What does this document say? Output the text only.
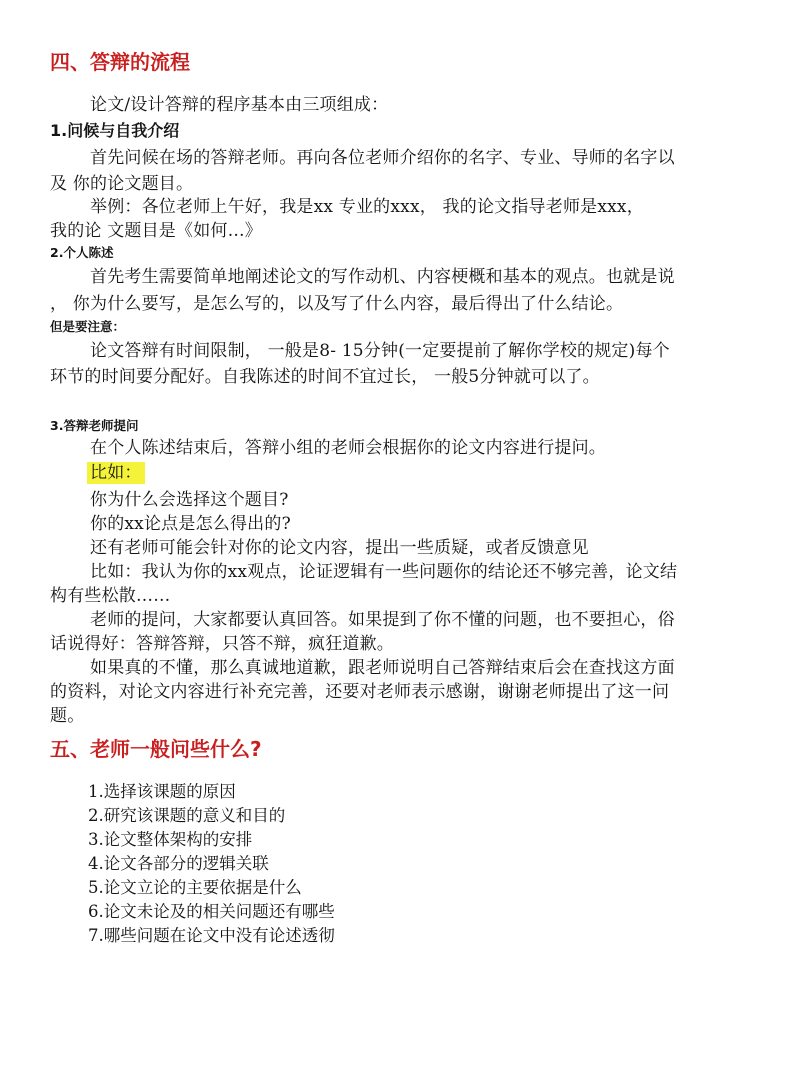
四、答辩的流程
论文/设计答辩的程序基本由三项组成：
1.问候与自我介绍
首先问候在场的答辩老师。再向各位老师介绍你的名字、专业、导师的名字以
及 你的论文题目。
举例：各位老师上午好，我是xx 专业的xxx， 我的论文指导老师是xxx，
我的论 文题目是《如何…》
2.个人陈述
首先考生需要简单地阐述论文的写作动机、内容梗概和基本的观点。也就是说
， 你为什么要写，是怎么写的，以及写了什么内容，最后得出了什么结论。
但是要注意：
论文答辩有时间限制， 一般是8- 15分钟(一定要提前了解你学校的规定)每个
环节的时间要分配好。自我陈述的时间不宜过长， 一般5分钟就可以了。
3.答辩老师提问
在个人陈述结束后，答辩小组的老师会根据你的论文内容进行提问。
比如：
你为什么会选择这个题目?
你的xx论点是怎么得出的?
还有老师可能会针对你的论文内容，提出一些质疑，或者反馈意见
比如：我认为你的xx观点，论证逻辑有一些问题你的结论还不够完善，论文结
构有些松散……
老师的提问，大家都要认真回答。如果提到了你不懂的问题，也不要担心，俗
话说得好：答辩答辩，只答不辩，疯狂道歉。
如果真的不懂，那么真诚地道歉，跟老师说明自己答辩结束后会在查找这方面
的资料，对论文内容进行补充完善，还要对老师表示感谢，谢谢老师提出了这一问
题。
五、老师一般问些什么?
1.选择该课题的原因
2.研究该课题的意义和目的
3.论文整体架构的安排
4.论文各部分的逻辑关联
5.论文立论的主要依据是什么
6.论文未论及的相关问题还有哪些
7.哪些问题在论文中没有论述透彻
